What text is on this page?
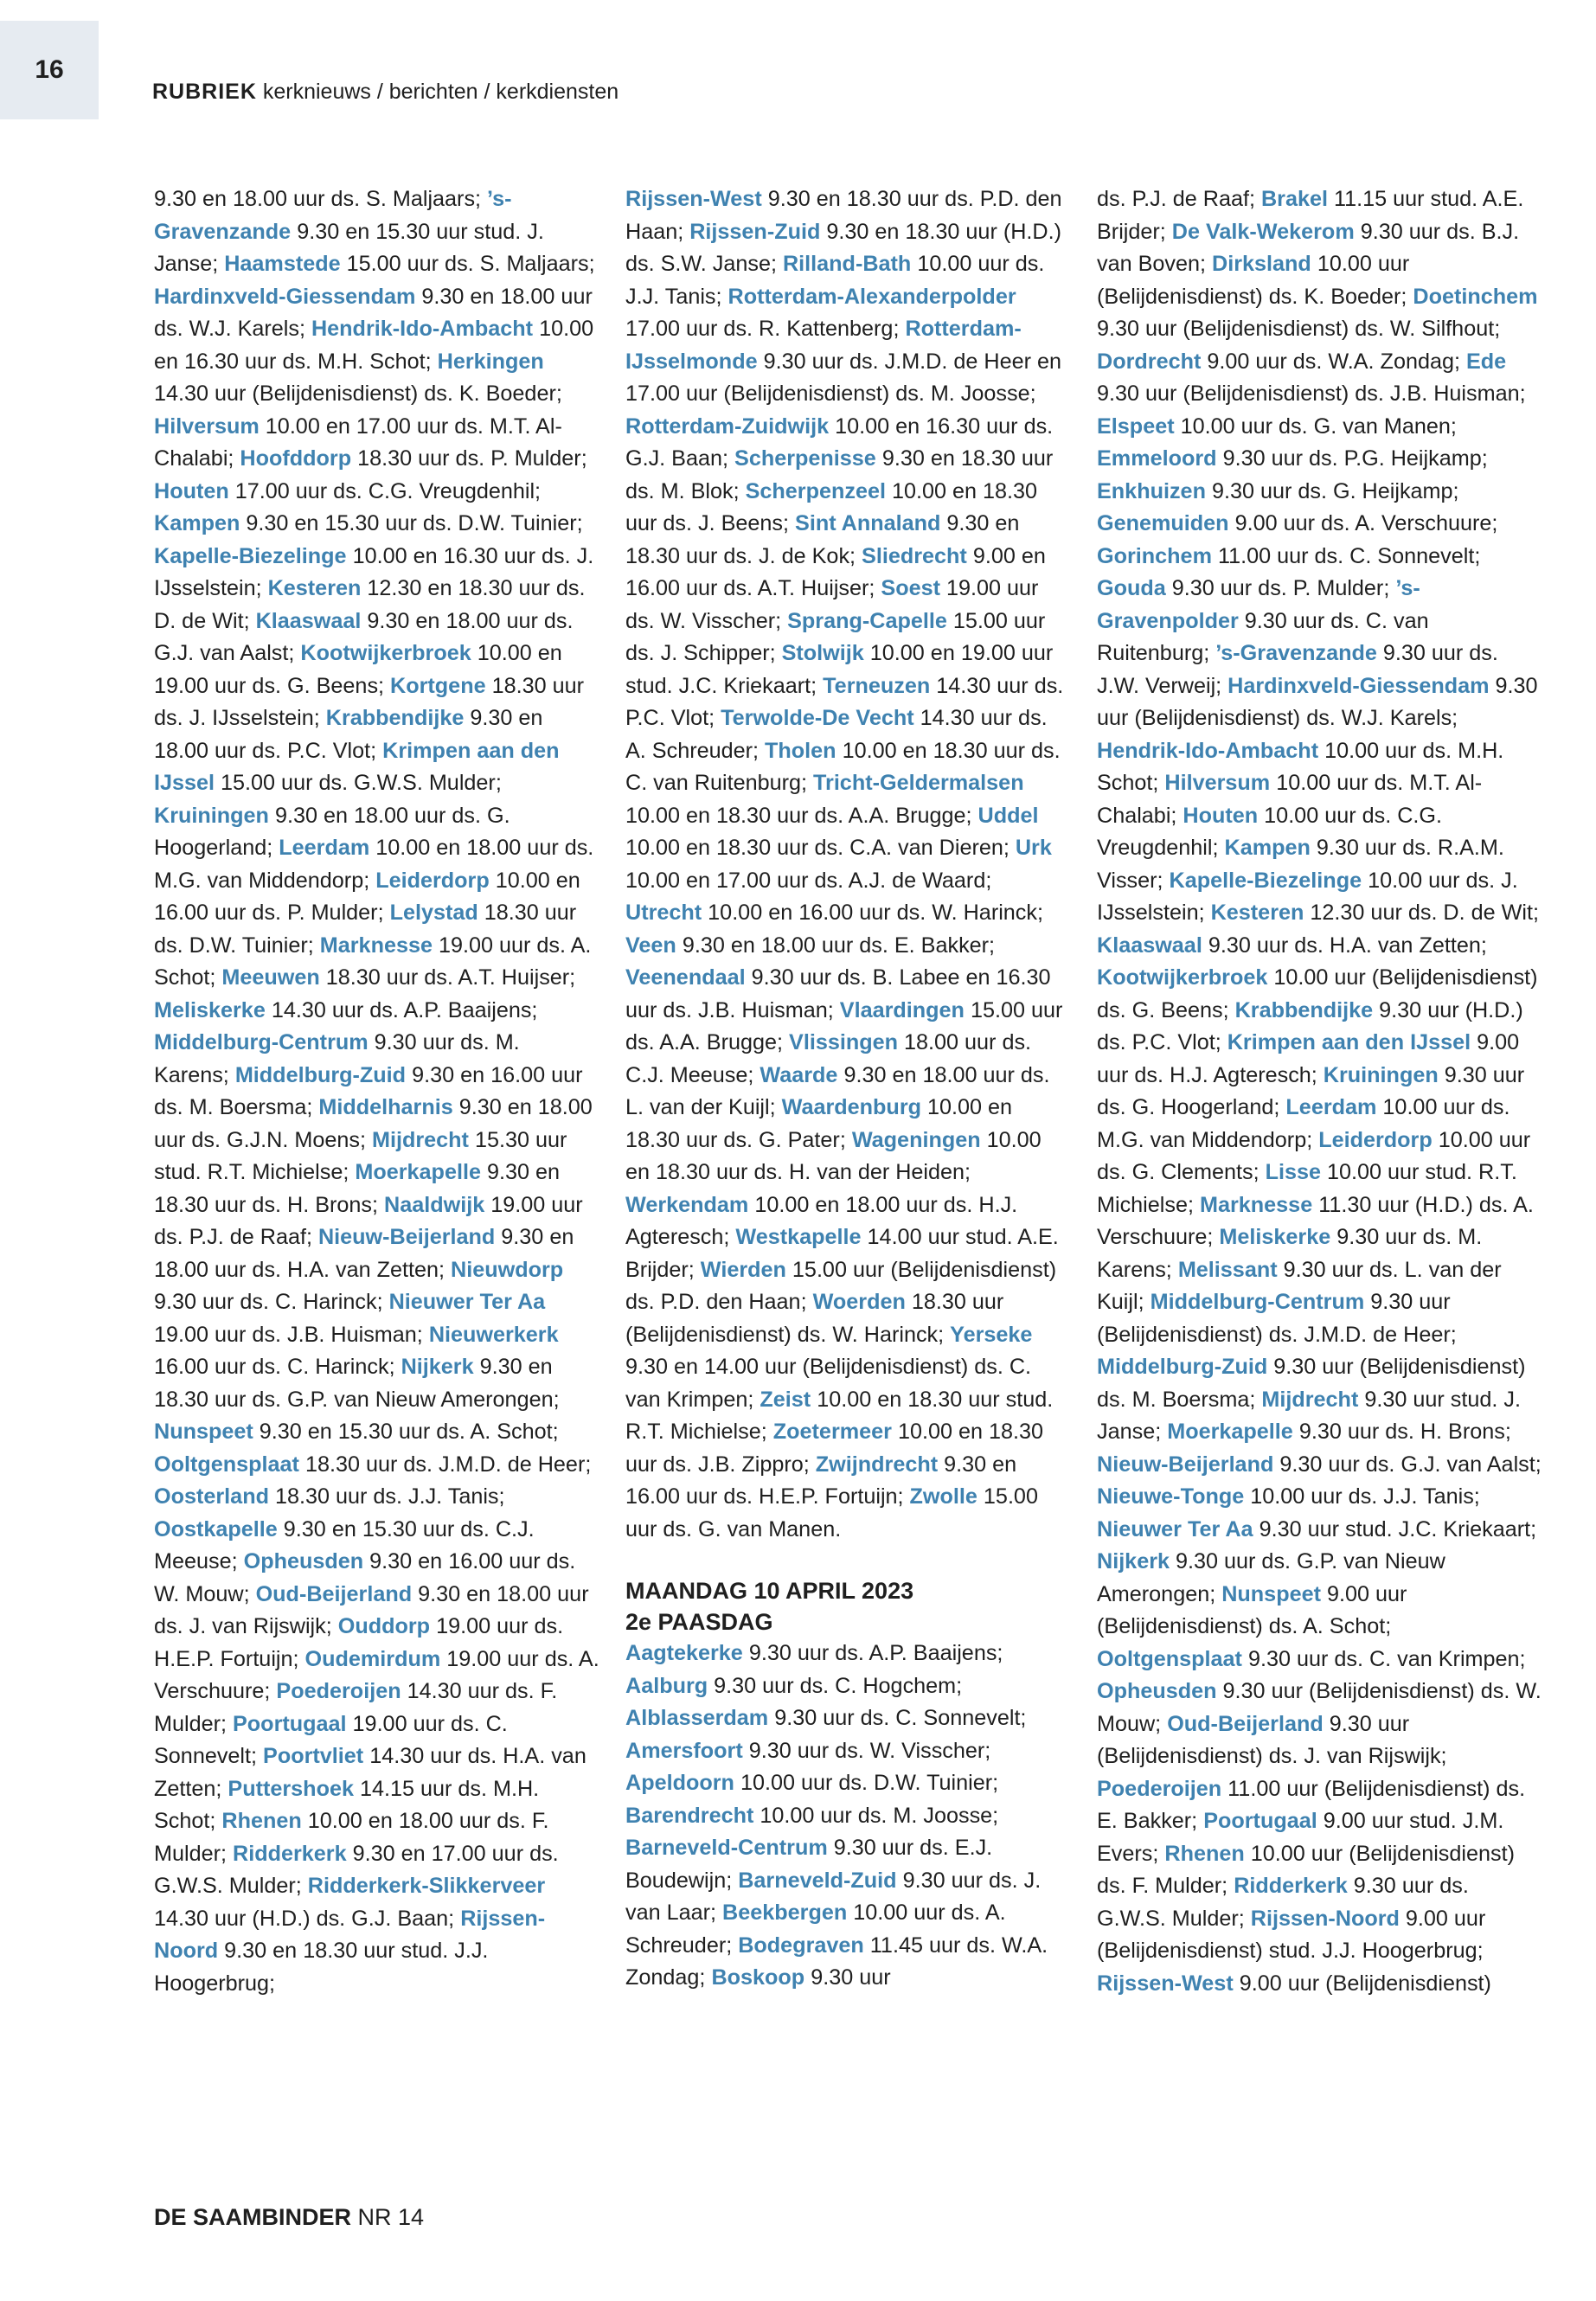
16
RUBRIEK kerknieuws / berichten / kerkdiensten
9.30 en 18.00 uur ds. S. Maljaars; ’s-Gravenzande 9.30 en 15.30 uur stud. J. Janse; Haamstede 15.00 uur ds. S. Maljaars; Hardinxveld-Giessendam 9.30 en 18.00 uur ds. W.J. Karels; Hendrik-Ido-Ambacht 10.00 en 16.30 uur ds. M.H. Schot; Herkingen 14.30 uur (Belijdenisdienst) ds. K. Boeder; Hilversum 10.00 en 17.00 uur ds. M.T. Al-Chalabi; Hoofddorp 18.30 uur ds. P. Mulder; Houten 17.00 uur ds. C.G. Vreugdenhil; Kampen 9.30 en 15.30 uur ds. D.W. Tuinier; Kapelle-Biezelinge 10.00 en 16.30 uur ds. J. IJsselstein; Kesteren 12.30 en 18.30 uur ds. D. de Wit; Klaaswaal 9.30 en 18.00 uur ds. G.J. van Aalst; Kootwijkerbroek 10.00 en 19.00 uur ds. G. Beens; Kortgene 18.30 uur ds. J. IJsselstein; Krabbendijke 9.30 en 18.00 uur ds. P.C. Vlot; Krimpen aan den IJssel 15.00 uur ds. G.W.S. Mulder; Kruiningen 9.30 en 18.00 uur ds. G. Hoogerland; Leerdam 10.00 en 18.00 uur ds. M.G. van Middendorp; Leiderdorp 10.00 en 16.00 uur ds. P. Mulder; Lelystad 18.30 uur ds. D.W. Tuinier; Marknesse 19.00 uur ds. A. Schot; Meeuwen 18.30 uur ds. A.T. Huijser; Meliskerke 14.30 uur ds. A.P. Baaijens; Middelburg-Centrum 9.30 uur ds. M. Karens; Middelburg-Zuid 9.30 en 16.00 uur ds. M. Boersma; Middelharnis 9.30 en 18.00 uur ds. G.J.N. Moens; Mijdrecht 15.30 uur stud. R.T. Michielse; Moerkapelle 9.30 en 18.30 uur ds. H. Brons; Naaldwijk 19.00 uur ds. P.J. de Raaf; Nieuw-Beijerland 9.30 en 18.00 uur ds. H.A. van Zetten; Nieuwdorp 9.30 uur ds. C. Harinck; Nieuwer Ter Aa 19.00 uur ds. J.B. Huisman; Nieuwerkerk 16.00 uur ds. C. Harinck; Nijkerk 9.30 en 18.30 uur ds. G.P. van Nieuw Amerongen; Nunspeet 9.30 en 15.30 uur ds. A. Schot; Ooltgensplaat 18.30 uur ds. J.M.D. de Heer; Oosterland 18.30 uur ds. J.J. Tanis; Oostkapelle 9.30 en 15.30 uur ds. C.J. Meeuse; Opheusden 9.30 en 16.00 uur ds. W. Mouw; Oud-Beijerland 9.30 en 18.00 uur ds. J. van Rijswijk; Ouddorp 19.00 uur ds. H.E.P. Fortuijn; Oudemirdum 19.00 uur ds. A. Verschuure; Poederoijen 14.30 uur ds. F. Mulder; Poortugaal 19.00 uur ds. C. Sonnevelt; Poortvliet 14.30 uur ds. H.A. van Zetten; Puttershoek 14.15 uur ds. M.H. Schot; Rhenen 10.00 en 18.00 uur ds. F. Mulder; Ridderkerk 9.30 en 17.00 uur ds. G.W.S. Mulder; Ridderkerk-Slikkerveer 14.30 uur (H.D.) ds. G.J. Baan; Rijssen-Noord 9.30 en 18.30 uur stud. J.J. Hoogerbrug;
Rijssen-West 9.30 en 18.30 uur ds. P.D. den Haan; Rijssen-Zuid 9.30 en 18.30 uur (H.D.) ds. S.W. Janse; Rilland-Bath 10.00 uur ds. J.J. Tanis; Rotterdam-Alexanderpolder 17.00 uur ds. R. Kattenberg; Rotterdam-IJsselmonde 9.30 uur ds. J.M.D. de Heer en 17.00 uur (Belijdenisdienst) ds. M. Joosse; Rotterdam-Zuidwijk 10.00 en 16.30 uur ds. G.J. Baan; Scherpenisse 9.30 en 18.30 uur ds. M. Blok; Scherpenzeel 10.00 en 18.30 uur ds. J. Beens; Sint Annaland 9.30 en 18.30 uur ds. J. de Kok; Sliedrecht 9.00 en 16.00 uur ds. A.T. Huijser; Soest 19.00 uur ds. W. Visscher; Sprang-Capelle 15.00 uur ds. J. Schipper; Stolwijk 10.00 en 19.00 uur stud. J.C. Kriekaart; Terneuzen 14.30 uur ds. P.C. Vlot; Terwolde-De Vecht 14.30 uur ds. A. Schreuder; Tholen 10.00 en 18.30 uur ds. C. van Ruitenburg; Tricht-Geldermalsen 10.00 en 18.30 uur ds. A.A. Brugge; Uddel 10.00 en 18.30 uur ds. C.A. van Dieren; Urk 10.00 en 17.00 uur ds. A.J. de Waard; Utrecht 10.00 en 16.00 uur ds. W. Harinck; Veen 9.30 en 18.00 uur ds. E. Bakker; Veenendaal 9.30 uur ds. B. Labee en 16.30 uur ds. J.B. Huisman; Vlaardingen 15.00 uur ds. A.A. Brugge; Vlissingen 18.00 uur ds. C.J. Meeuse; Waarde 9.30 en 18.00 uur ds. L. van der Kuijl; Waardenburg 10.00 en 18.30 uur ds. G. Pater; Wageningen 10.00 en 18.30 uur ds. H. van der Heiden; Werkendam 10.00 en 18.00 uur ds. H.J. Agteresch; Westkapelle 14.00 uur stud. A.E. Brijder; Wierden 15.00 uur (Belijdenisdienst) ds. P.D. den Haan; Woerden 18.30 uur (Belijdenisdienst) ds. W. Harinck; Yerseke 9.30 en 14.00 uur (Belijdenisdienst) ds. C. van Krimpen; Zeist 10.00 en 18.30 uur stud. R.T. Michielse; Zoetermeer 10.00 en 18.30 uur ds. J.B. Zippro; Zwijndrecht 9.30 en 16.00 uur ds. H.E.P. Fortuijn; Zwolle 15.00 uur ds. G. van Manen.
MAANDAG 10 APRIL 2023
2e PAASDAG
Aagtekerke 9.30 uur ds. A.P. Baaijens; Aalburg 9.30 uur ds. C. Hogchem; Alblasserdam 9.30 uur ds. C. Sonnevelt; Amersfoort 9.30 uur ds. W. Visscher; Apeldoorn 10.00 uur ds. D.W. Tuinier; Barendrecht 10.00 uur ds. M. Joosse; Barneveld-Centrum 9.30 uur ds. E.J. Boudewijn; Barneveld-Zuid 9.30 uur ds. J. van Laar; Beekbergen 10.00 uur ds. A. Schreuder; Bodegraven 11.45 uur ds. W.A. Zondag; Boskoop 9.30 uur
ds. P.J. de Raaf; Brakel 11.15 uur stud. A.E. Brijder; De Valk-Wekerom 9.30 uur ds. B.J. van Boven; Dirksland 10.00 uur (Belijdenisdienst) ds. K. Boeder; Doetinchem 9.30 uur (Belijdenisdienst) ds. W. Silfhout; Dordrecht 9.00 uur ds. W.A. Zondag; Ede 9.30 uur (Belijdenisdienst) ds. J.B. Huisman; Elspeet 10.00 uur ds. G. van Manen; Emmeloord 9.30 uur ds. P.G. Heijkamp; Enkhuizen 9.30 uur ds. G. Heijkamp; Genemuiden 9.00 uur ds. A. Verschuure; Gorinchem 11.00 uur ds. C. Sonnevelt; Gouda 9.30 uur ds. P. Mulder; ’s-Gravenpolder 9.30 uur ds. C. van Ruitenburg; ’s-Gravenzande 9.30 uur ds. J.W. Verweij; Hardinxveld-Giessendam 9.30 uur (Belijdenisdienst) ds. W.J. Karels; Hendrik-Ido-Ambacht 10.00 uur ds. M.H. Schot; Hilversum 10.00 uur ds. M.T. Al-Chalabi; Houten 10.00 uur ds. C.G. Vreugdenhil; Kampen 9.30 uur ds. R.A.M. Visser; Kapelle-Biezelinge 10.00 uur ds. J. IJsselstein; Kesteren 12.30 uur ds. D. de Wit; Klaaswaal 9.30 uur ds. H.A. van Zetten; Kootwijkerbroek 10.00 uur (Belijdenisdienst) ds. G. Beens; Krabbendijke 9.30 uur (H.D.) ds. P.C. Vlot; Krimpen aan den IJssel 9.00 uur ds. H.J. Agteresch; Kruiningen 9.30 uur ds. G. Hoogerland; Leerdam 10.00 uur ds. M.G. van Middendorp; Leiderdorp 10.00 uur ds. G. Clements; Lisse 10.00 uur stud. R.T. Michielse; Marknesse 11.30 uur (H.D.) ds. A. Verschuure; Meliskerke 9.30 uur ds. M. Karens; Melissant 9.30 uur ds. L. van der Kuijl; Middelburg-Centrum 9.30 uur (Belijdenisdienst) ds. J.M.D. de Heer; Middelburg-Zuid 9.30 uur (Belijdenisdienst) ds. M. Boersma; Mijdrecht 9.30 uur stud. J. Janse; Moerkapelle 9.30 uur ds. H. Brons; Nieuw-Beijerland 9.30 uur ds. G.J. van Aalst; Nieuwe-Tonge 10.00 uur ds. J.J. Tanis; Nieuwer Ter Aa 9.30 uur stud. J.C. Kriekaart; Nijkerk 9.30 uur ds. G.P. van Nieuw Amerongen; Nunspeet 9.00 uur (Belijdenisdienst) ds. A. Schot; Ooltgensplaat 9.30 uur ds. C. van Krimpen; Opheusden 9.30 uur (Belijdenisdienst) ds. W. Mouw; Oud-Beijerland 9.30 uur (Belijdenisdienst) ds. J. van Rijswijk; Poederoijen 11.00 uur (Belijdenisdienst) ds. E. Bakker; Poortugaal 9.00 uur stud. J.M. Evers; Rhenen 10.00 uur (Belijdenisdienst) ds. F. Mulder; Ridderkerk 9.30 uur ds. G.W.S. Mulder; Rijssen-Noord 9.00 uur (Belijdenisdienst) stud. J.J. Hoogerbrug; Rijssen-West 9.00 uur (Belijdenisdienst)
DE SAAMBINDER NR 14
